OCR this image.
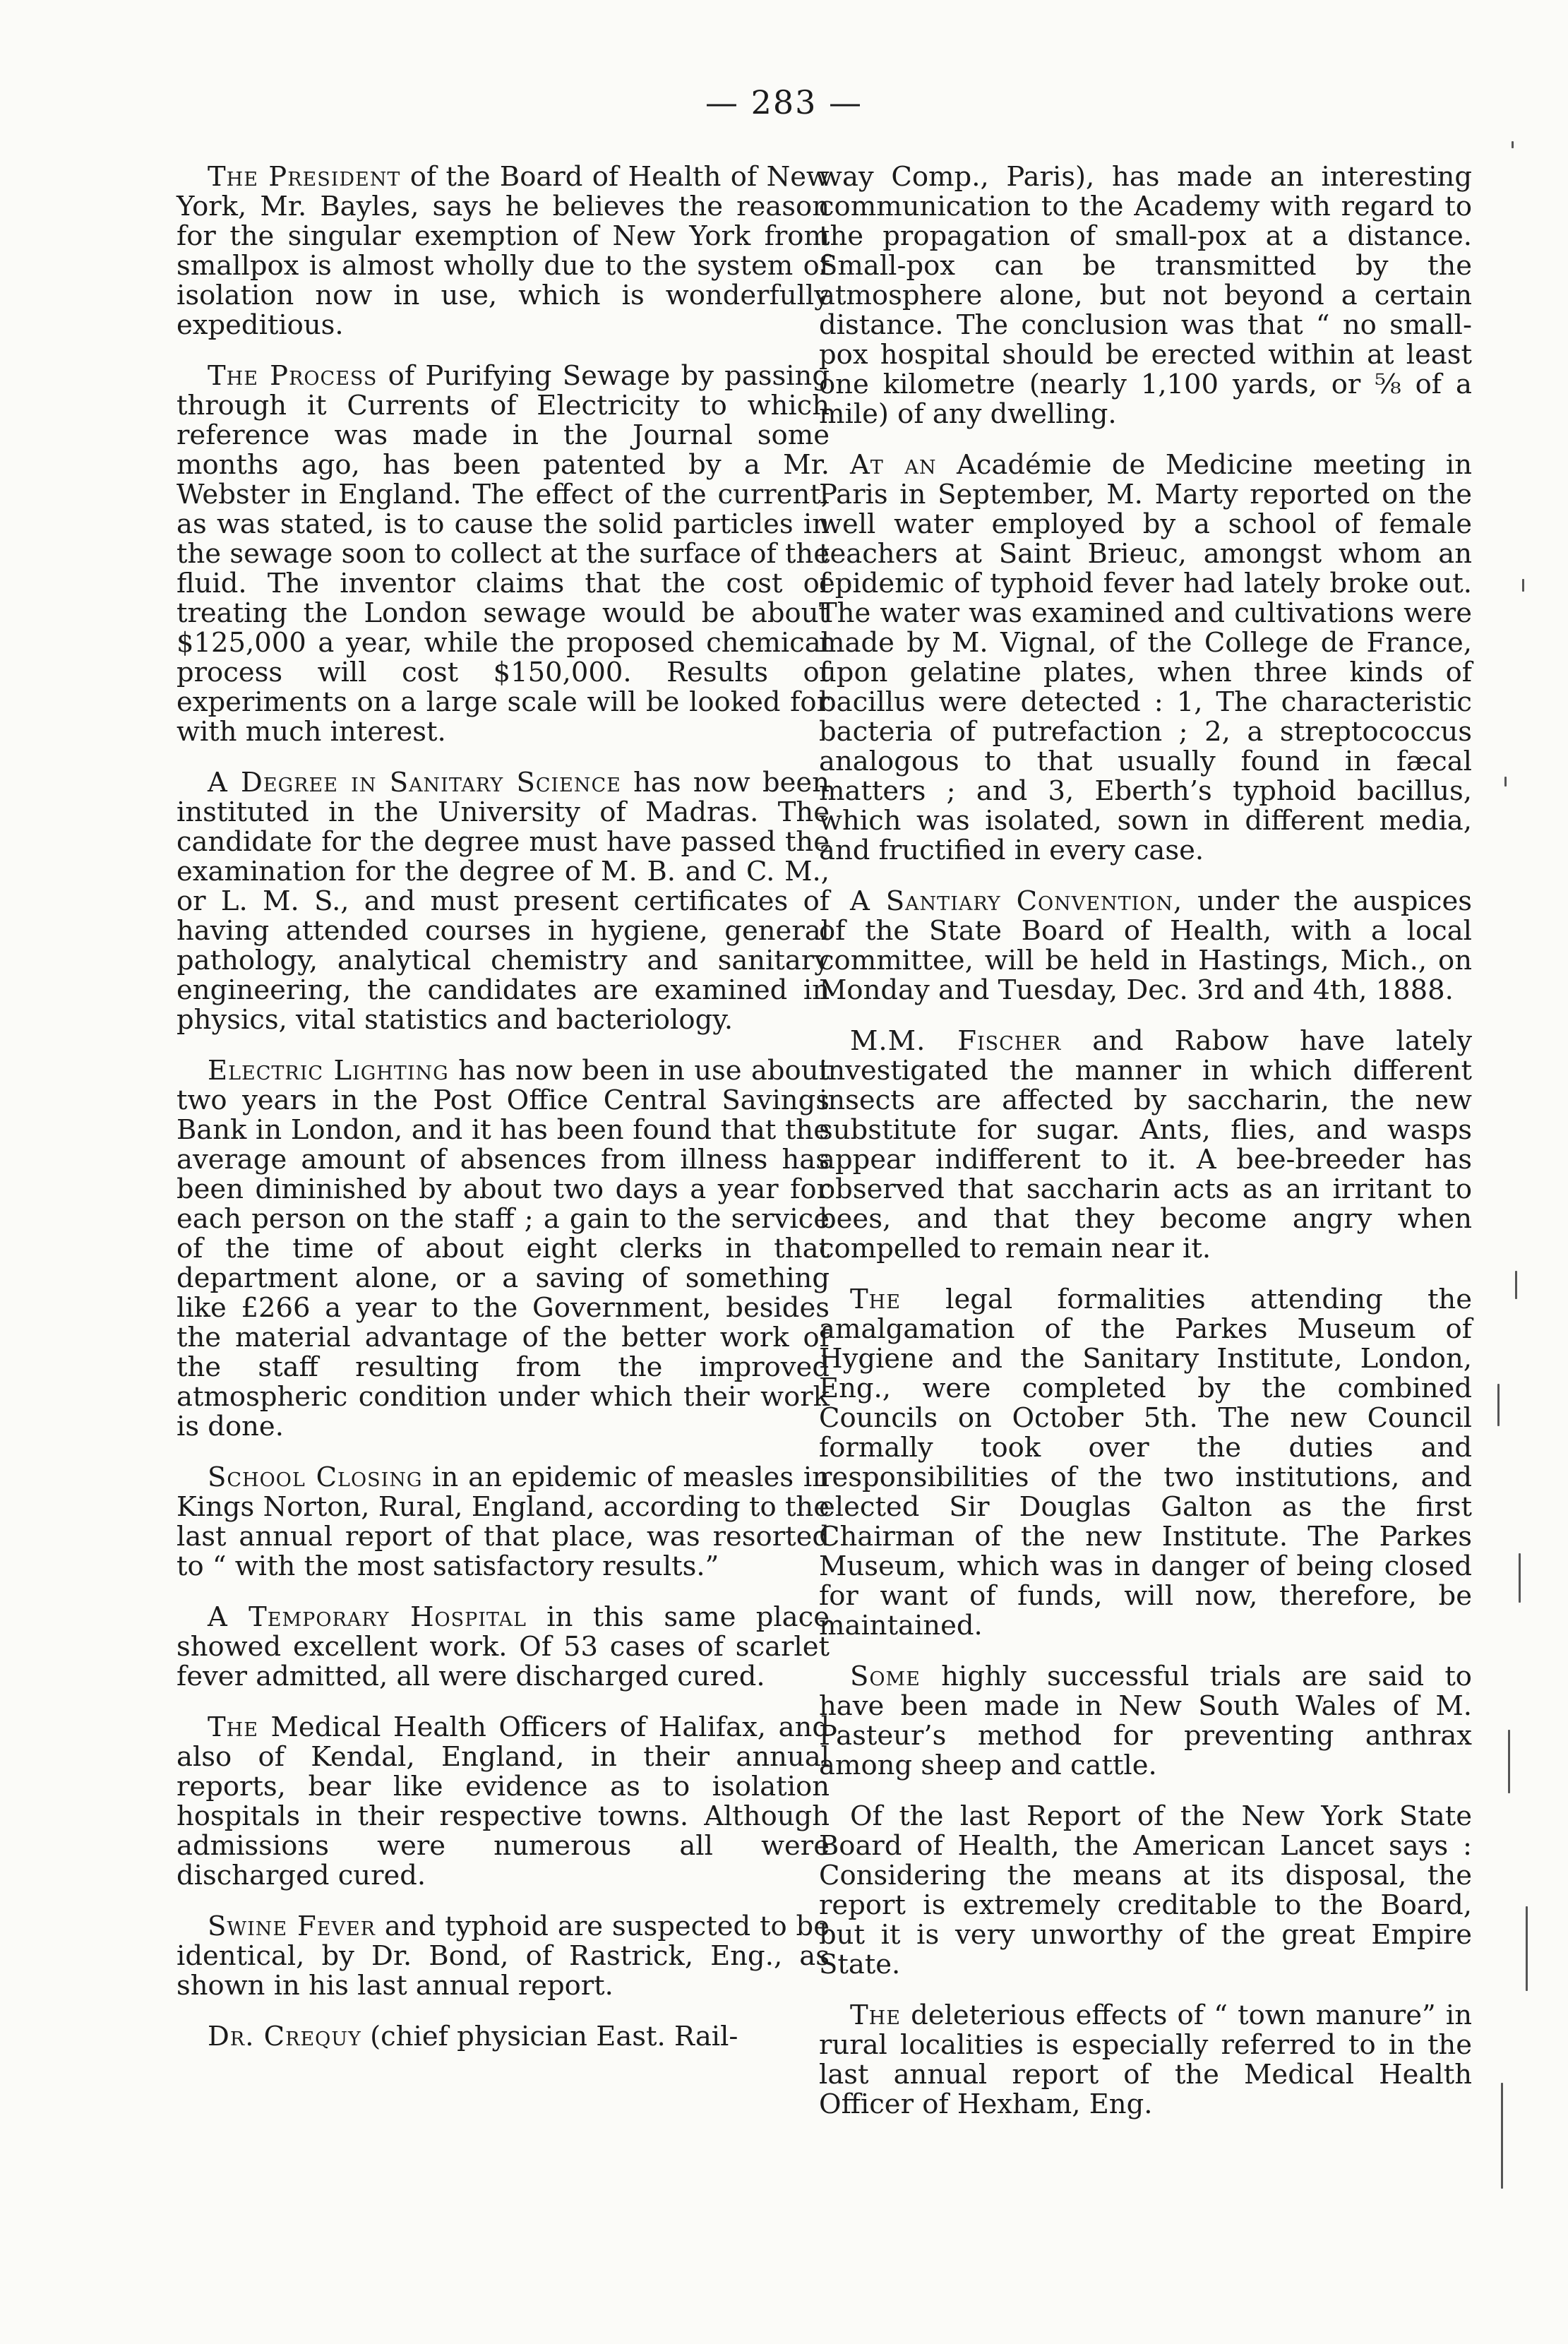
— 283 —

The President of the Board of Health of New York, Mr. Bayles, says he believes the reason for the singular exemption of New York from smallpox is almost wholly due to the system of isolation now in use, which is wonderfully expeditious.

The Process of Purifying Sewage by passing through it Currents of Electricity to which reference was made in the Journal some months ago, has been patented by a Mr. Webster in England. The effect of the current, as was stated, is to cause the solid particles in the sewage soon to collect at the surface of the fluid. The inventor claims that the cost of treating the London sewage would be about $125,000 a year, while the proposed chemical process will cost $150,000. Results of experiments on a large scale will be looked for with much interest.

A Degree in Sanitary Science has now been instituted in the University of Madras. The candidate for the degree must have passed the examination for the degree of M. B. and C. M., or L. M. S., and must present certificates of having attended courses in hygiene, general pathology, analytical chemistry and sanitary engineering, the candidates are examined in physics, vital statistics and bacteriology.

Electric Lighting has now been in use about two years in the Post Office Central Savings Bank in London, and it has been found that the average amount of absences from illness has been diminished by about two days a year for each person on the staff ; a gain to the service of the time of about eight clerks in that department alone, or a saving of something like £266 a year to the Government, besides the material advantage of the better work of the staff resulting from the improved atmospheric condition under which their work is done.

School Closing in an epidemic of measles in Kings Norton, Rural, England, according to the last annual report of that place, was resorted to “ with the most satisfactory results.”

A Temporary Hospital in this same place showed excellent work. Of 53 cases of scarlet fever admitted, all were discharged cured.

The Medical Health Officers of Halifax, and also of Kendal, England, in their annual reports, bear like evidence as to isolation hospitals in their respective towns. Although admissions were numerous all were discharged cured.

Swine Fever and typhoid are suspected to be identical, by Dr. Bond, of Rastrick, Eng., as shown in his last annual report.

Dr. Crequy (chief physician East. Rail-

way Comp., Paris), has made an interesting communication to the Academy with regard to the propagation of small-pox at a distance. Small-pox can be transmitted by the atmosphere alone, but not beyond a certain distance. The conclusion was that “ no small-pox hospital should be erected within at least one kilometre (nearly 1,100 yards, or ⅝ of a mile) of any dwelling.

At an Académie de Medicine meeting in Paris in September, M. Marty reported on the well water employed by a school of female teachers at Saint Brieuc, amongst whom an epidemic of typhoid fever had lately broke out. The water was examined and cultivations were made by M. Vignal, of the College de France, upon gelatine plates, when three kinds of bacillus were detected : 1, The characteristic bacteria of putrefaction ; 2, a streptococcus analogous to that usually found in fæcal matters ; and 3, Eberth’s typhoid bacillus, which was isolated, sown in different media, and fructified in every case.

A Santiary Convention, under the auspices of the State Board of Health, with a local committee, will be held in Hastings, Mich., on Monday and Tuesday, Dec. 3rd and 4th, 1888.

M.M. Fischer and Rabow have lately investigated the manner in which different insects are affected by saccharin, the new substitute for sugar. Ants, flies, and wasps appear indifferent to it. A bee-breeder has observed that saccharin acts as an irritant to bees, and that they become angry when compelled to remain near it.

The legal formalities attending the amalgamation of the Parkes Museum of Hygiene and the Sanitary Institute, London, Eng., were completed by the combined Councils on October 5th. The new Council formally took over the duties and responsibilities of the two institutions, and elected Sir Douglas Galton as the first Chairman of the new Institute. The Parkes Museum, which was in danger of being closed for want of funds, will now, therefore, be maintained.

Some highly successful trials are said to have been made in New South Wales of M. Pasteur’s method for preventing anthrax among sheep and cattle.

Of the last Report of the New York State Board of Health, the American Lancet says : Considering the means at its disposal, the report is extremely creditable to the Board, but it is very unworthy of the great Empire State.

The deleterious effects of “ town manure” in rural localities is especially referred to in the last annual report of the Medical Health Officer of Hexham, Eng.
